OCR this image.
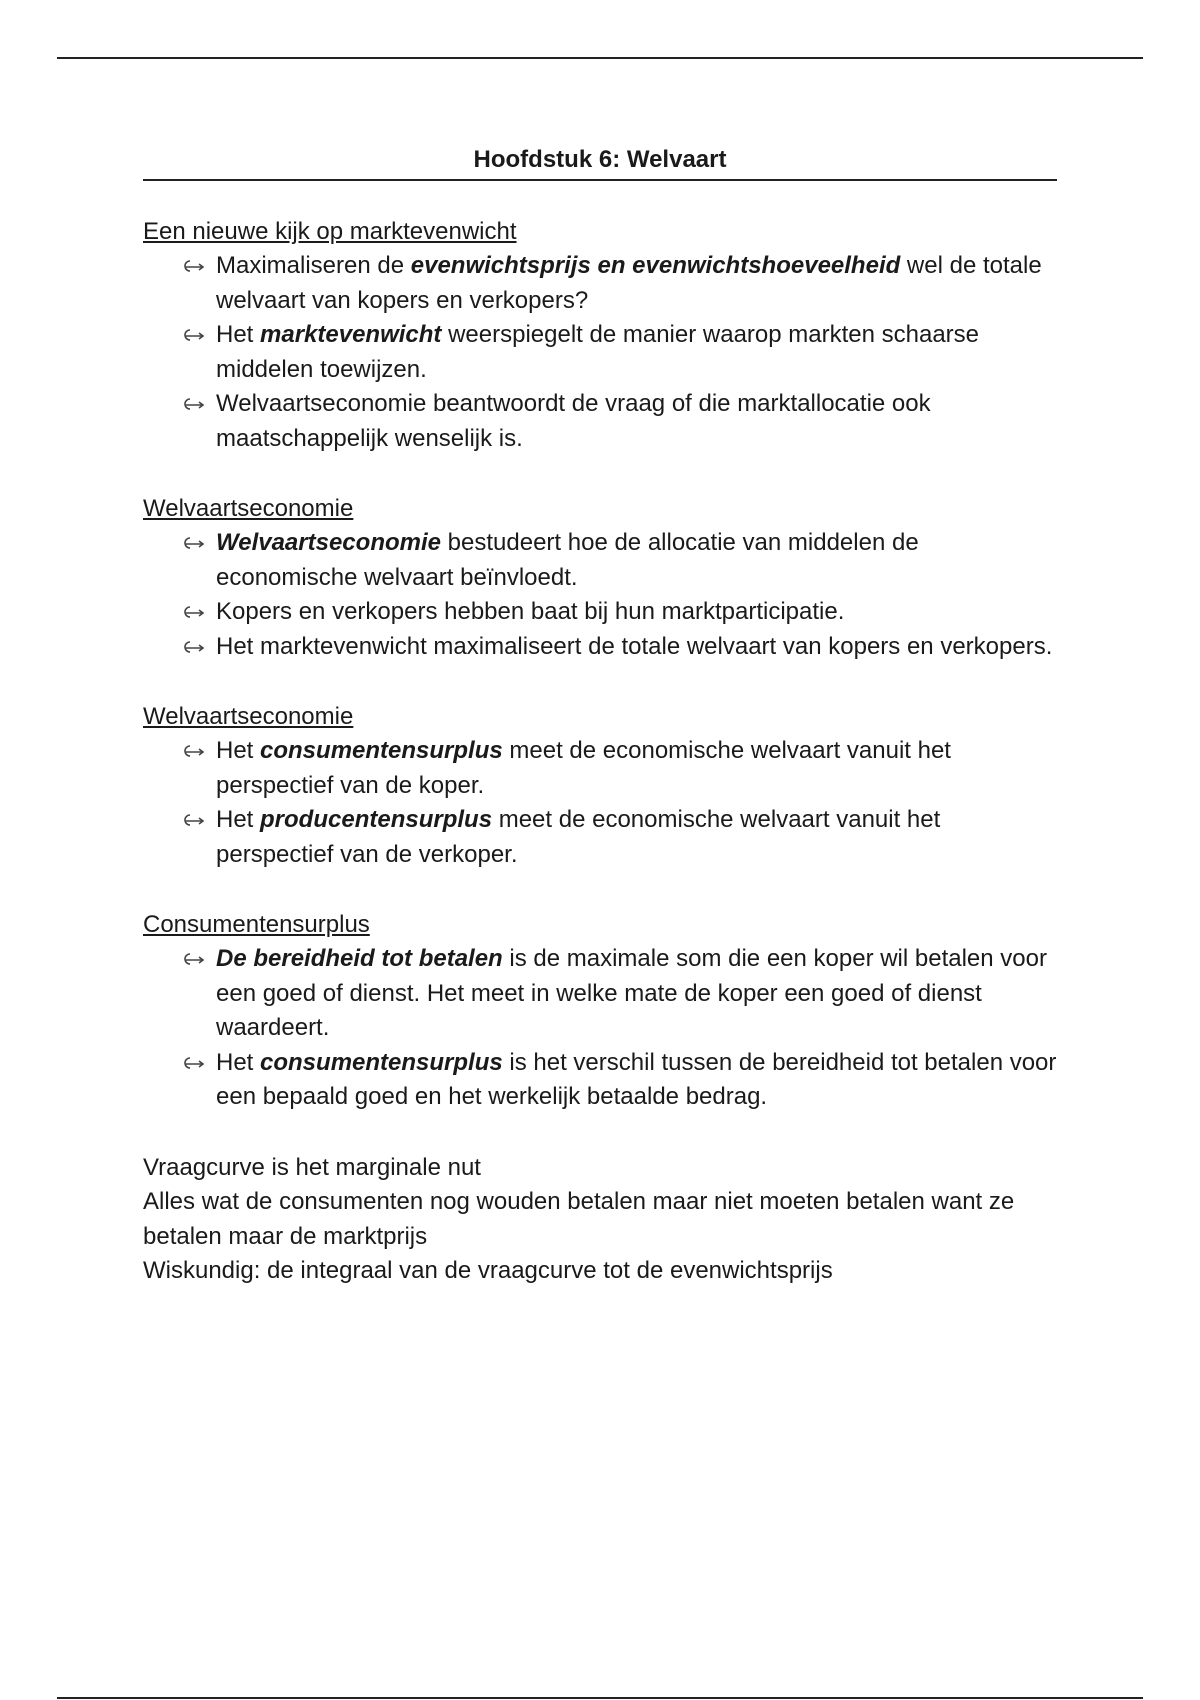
Hoofdstuk 6: Welvaart

Een nieuwe kijk op marktevenwicht

Maximaliseren de evenwichtsprijs en evenwichtshoeveelheid wel de totale welvaart van kopers en verkopers?
Het marktevenwicht weerspiegelt de manier waarop markten schaarse middelen toewijzen.
Welvaartseconomie beantwoordt de vraag of die marktallocatie ook maatschappelijk wenselijk is.

Welvaartseconomie

Welvaartseconomie bestudeert hoe de allocatie van middelen de economische welvaart beïnvloedt.
Kopers en verkopers hebben baat bij hun marktparticipatie.
Het marktevenwicht maximaliseert de totale welvaart van kopers en verkopers.

Welvaartseconomie

Het consumentensurplus meet de economische welvaart vanuit het perspectief van de koper.
Het producentensurplus meet de economische welvaart vanuit het perspectief van de verkoper.

Consumentensurplus

De bereidheid tot betalen is de maximale som die een koper wil betalen voor een goed of dienst. Het meet in welke mate de koper een goed of dienst waardeert.
Het consumentensurplus is het verschil tussen de bereidheid tot betalen voor een bepaald goed en het werkelijk betaalde bedrag.

Vraagcurve is het marginale nut

Alles wat de consumenten nog wouden betalen maar niet moeten betalen want ze betalen maar de marktprijs

Wiskundig: de integraal van de vraagcurve tot de evenwichtsprijs
